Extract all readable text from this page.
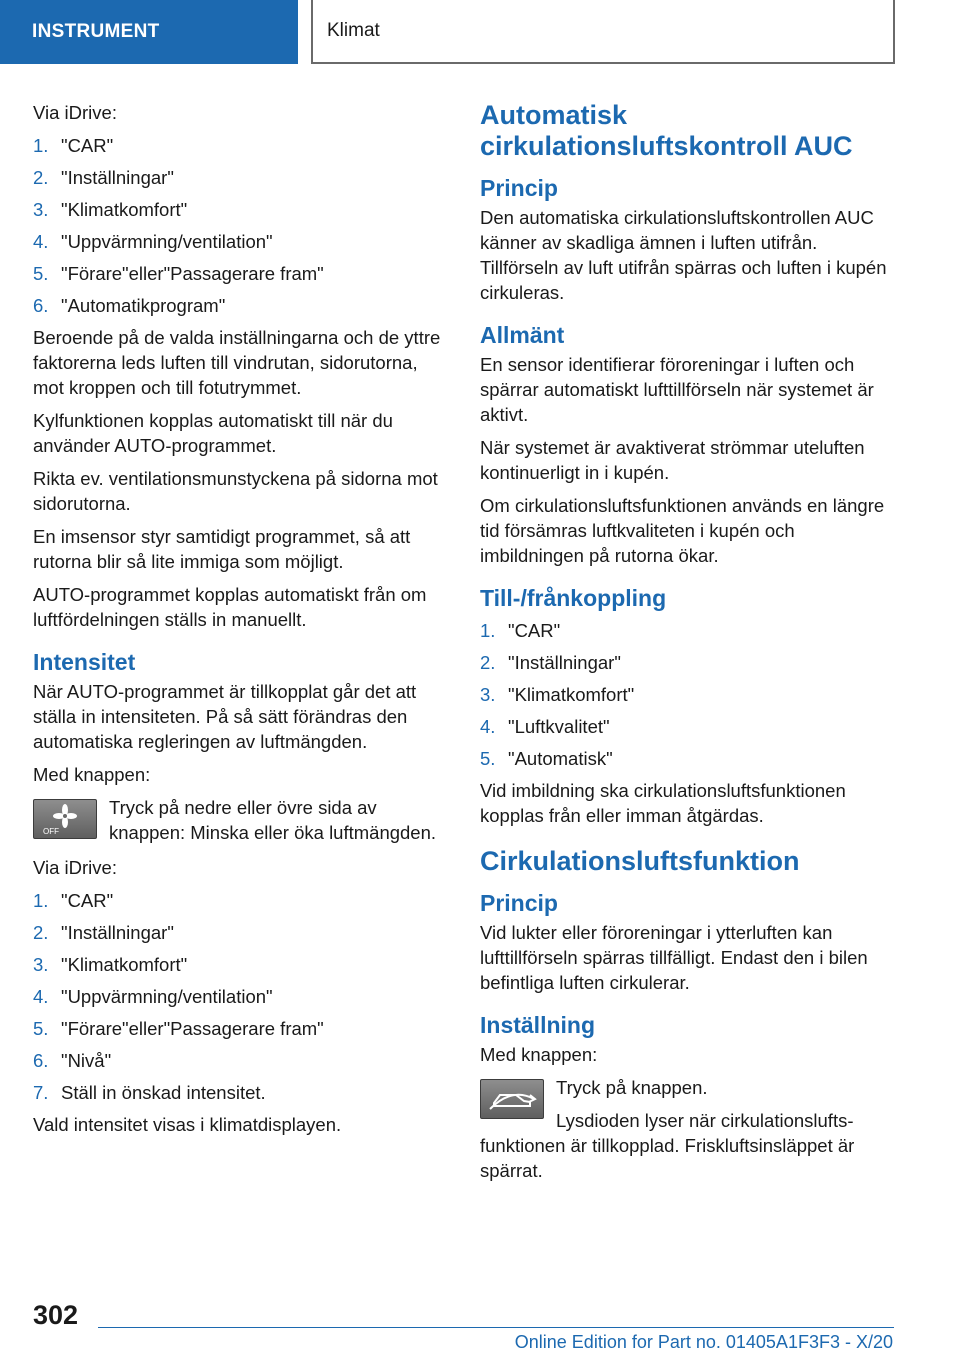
INSTRUMENT	Klimat

Via iDrive:

1. "CAR"
2. "Inställningar"
3. "Klimatkomfort"
4. "Uppvärmning/ventilation"
5. "Förare"eller"Passagerare fram"
6. "Automatikprogram"

Beroende på de valda inställningarna och de yttre faktorerna leds luften till vindrutan, sidorutorna, mot kroppen och till fotutrymmet.

Kylfunktionen kopplas automatiskt till när du använder AUTO-programmet.

Rikta ev. ventilationsmunstyckena på sidorna mot sidorutorna.

En imsensor styr samtidigt programmet, så att rutorna blir så lite immiga som möjligt.

AUTO-programmet kopplas automatiskt från om luftfördelningen ställs in manuellt.

Intensitet

När AUTO-programmet är tillkopplat går det att ställa in intensiteten. På så sätt förändras den automatiska regleringen av luftmängden.

Med knappen:

OFF
Tryck på nedre eller övre sida av knappen: Minska eller öka luftmängden.

Via iDrive:

1. "CAR"
2. "Inställningar"
3. "Klimatkomfort"
4. "Uppvärmning/ventilation"
5. "Förare"eller"Passagerare fram"
6. "Nivå"
7. Ställ in önskad intensitet.

Vald intensitet visas i klimatdisplayen.

Automatisk cirkulationsluftskontroll AUC
Princip

Den automatiska cirkulationsluftskontrollen AUC känner av skadliga ämnen i luften utifrån. Tillförseln av luft utifrån spärras och luften i kupén cirkuleras.

Allmänt

En sensor identifierar föroreningar i luften och spärrar automatiskt lufttillförseln när systemet är aktivt.

När systemet är avaktiverat strömmar uteluften kontinuerligt in i kupén.

Om cirkulationsluftsfunktionen används en längre tid försämras luftkvaliteten i kupén och imbildningen på rutorna ökar.

Till-/frånkoppling
1. "CAR"
2. "Inställningar"
3. "Klimatkomfort"
4. "Luftkvalitet"
5. "Automatisk"

Vid imbildning ska cirkulationsluftsfunktionen kopplas från eller imman åtgärdas.

Cirkulationsluftsfunktion
Princip

Vid lukter eller föroreningar i ytterluften kan lufttillförseln spärras tillfälligt. Endast den i bilen befintliga luften cirkulerar.

Inställning

Med knappen:

Tryck på knappen.
Lysdioden lyser när cirkulationslufts-

funktionen är tillkopplad. Friskluftsinsläppet är spärrat.

302
Online Edition for Part no. 01405A1F3F3 - X/20
